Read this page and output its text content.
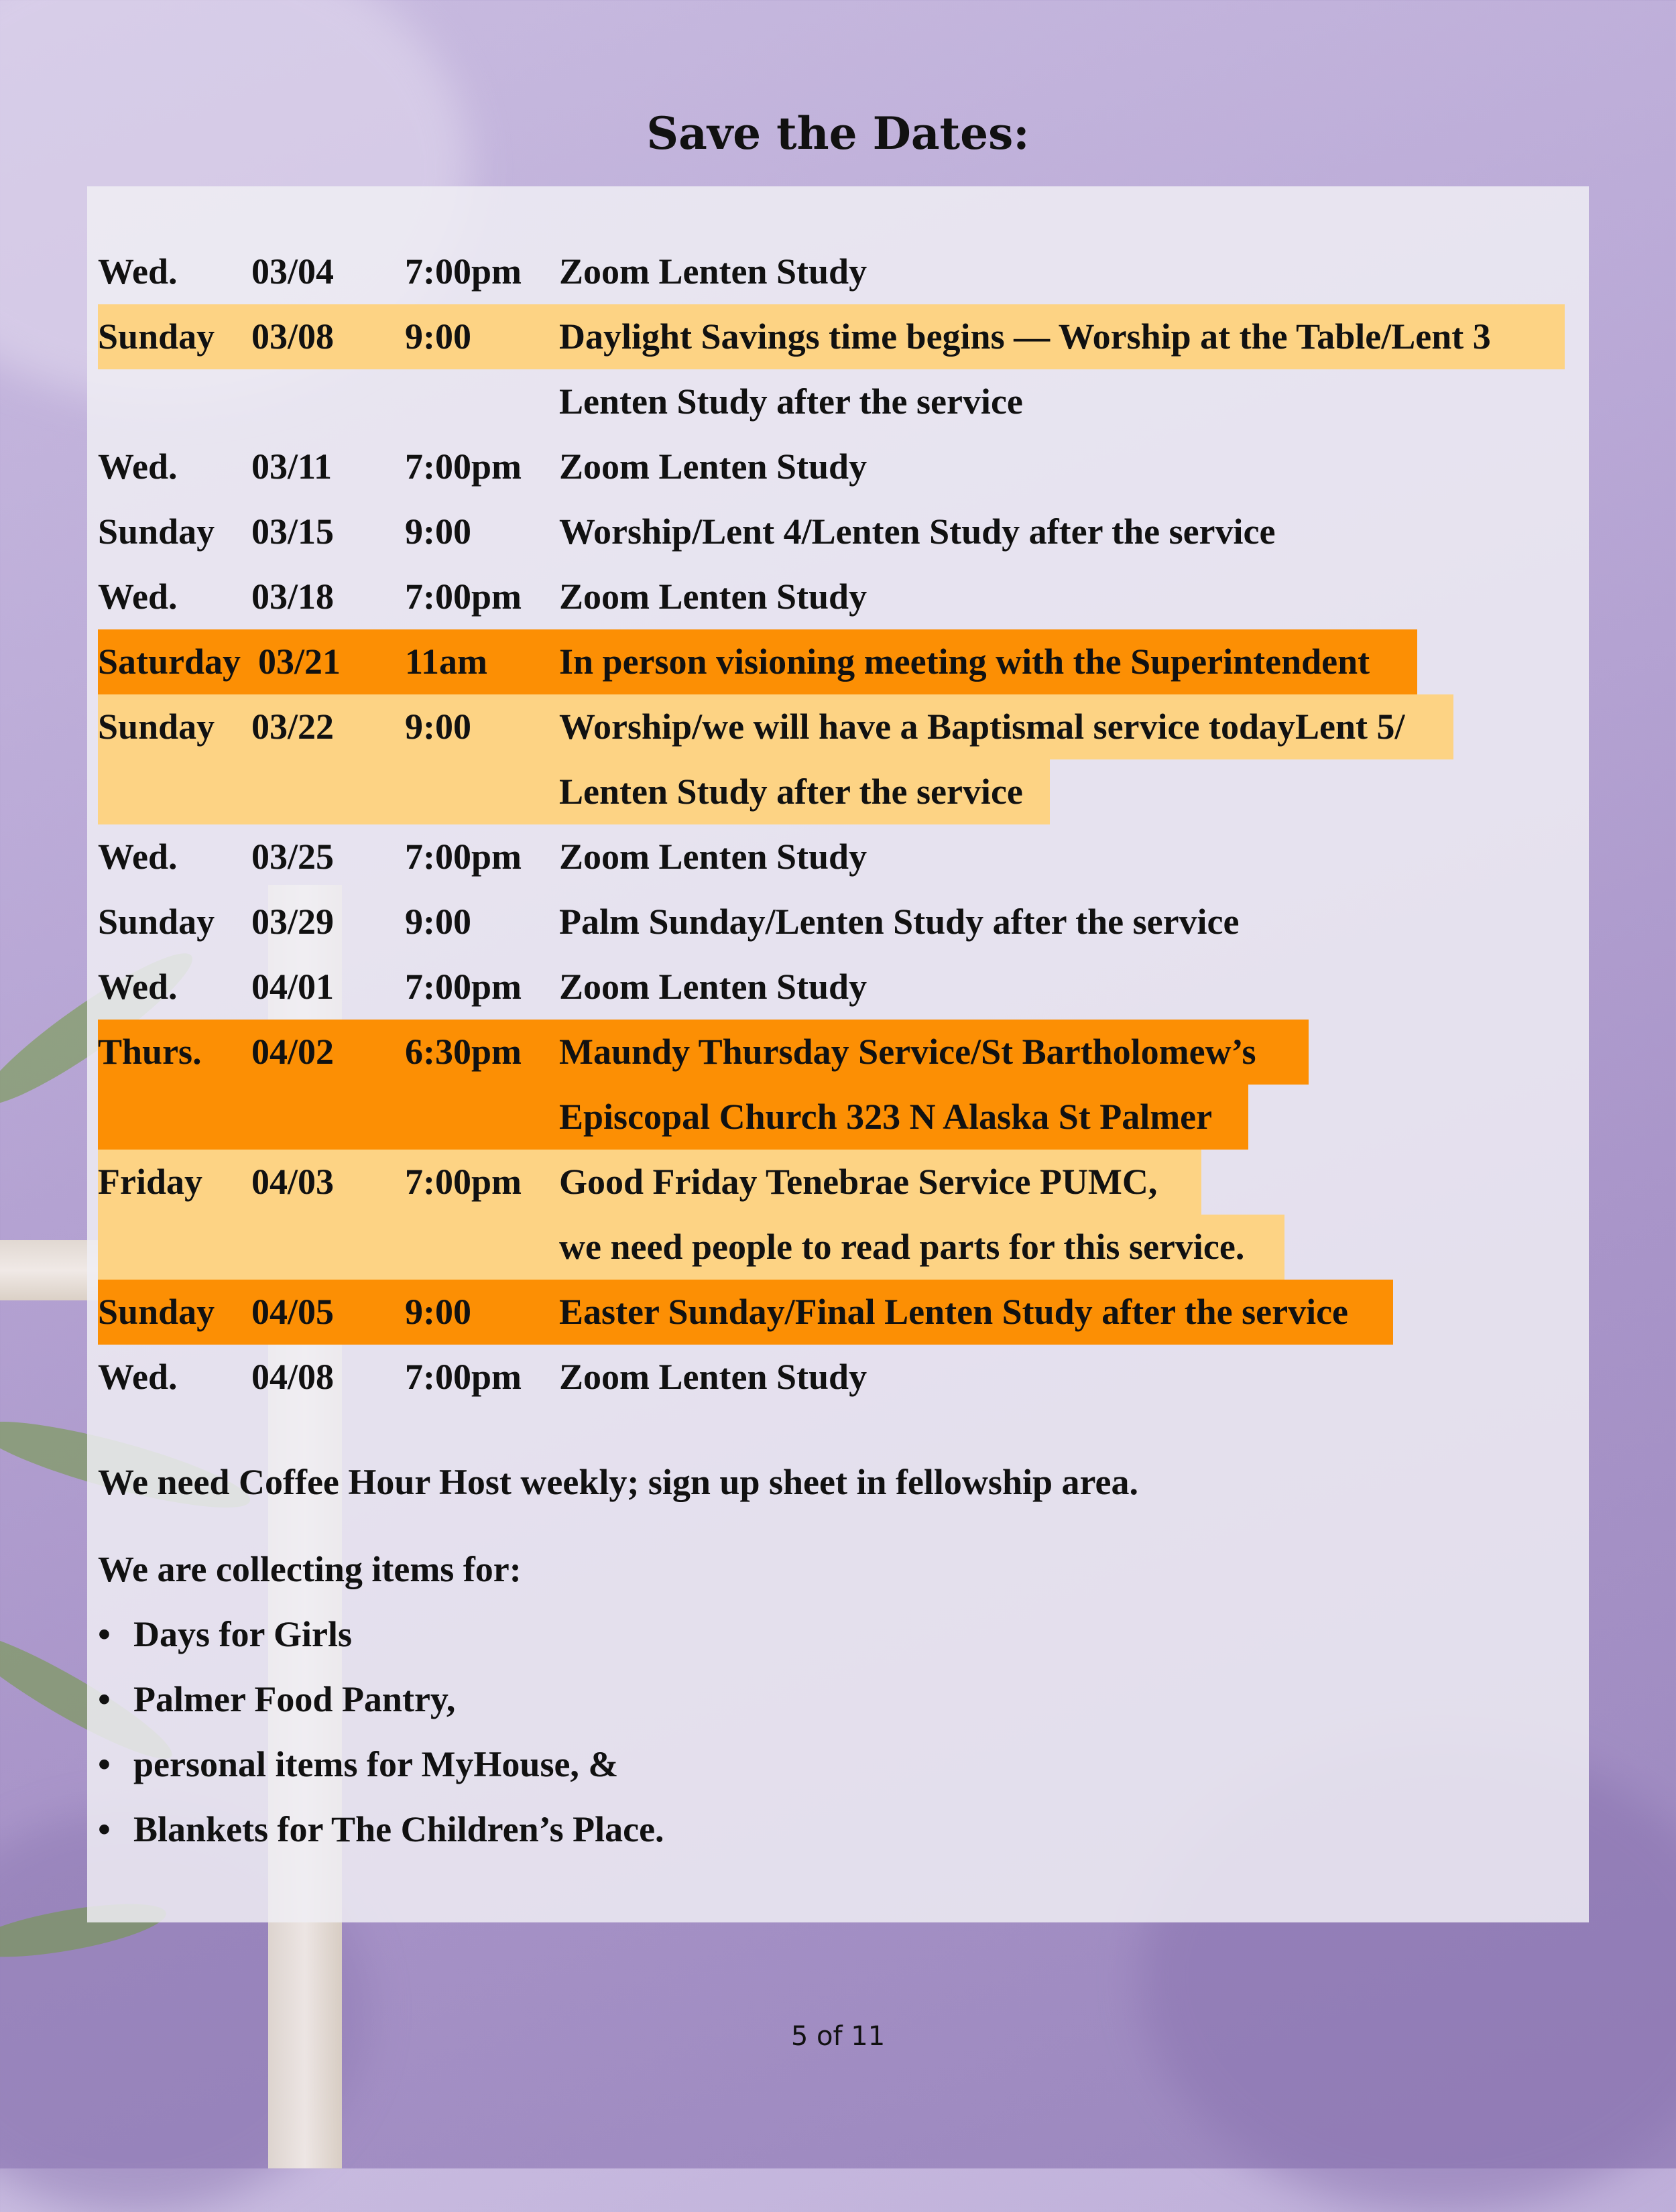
Save the Dates:
Wed. 03/04 7:00pm Zoom Lenten Study
Sunday 03/08 9:00 Daylight Savings time begins — Worship at the Table/Lent 3
Lenten Study after the service
Wed. 03/11 7:00pm Zoom Lenten Study
Sunday 03/15 9:00 Worship/Lent 4/Lenten Study after the service
Wed. 03/18 7:00pm Zoom Lenten Study
Saturday 03/21 11am In person visioning meeting with the Superintendent
Sunday 03/22 9:00 Worship/we will have a Baptismal service todayLent 5/
Lenten Study after the service
Wed. 03/25 7:00pm Zoom Lenten Study
Sunday 03/29 9:00 Palm Sunday/Lenten Study after the service
Wed. 04/01 7:00pm Zoom Lenten Study
Thurs. 04/02 6:30pm Maundy Thursday Service/St Bartholomew’s
Episcopal Church 323 N Alaska St Palmer
Friday 04/03 7:00pm Good Friday Tenebrae Service PUMC,
we need people to read parts for this service.
Sunday 04/05 9:00 Easter Sunday/Final Lenten Study after the service
Wed. 04/08 7:00pm Zoom Lenten Study
We need Coffee Hour Host weekly; sign up sheet in fellowship area.
We are collecting items for:
• Days for Girls
• Palmer Food Pantry,
• personal items for MyHouse, &
• Blankets for The Children’s Place.
5 of 11
